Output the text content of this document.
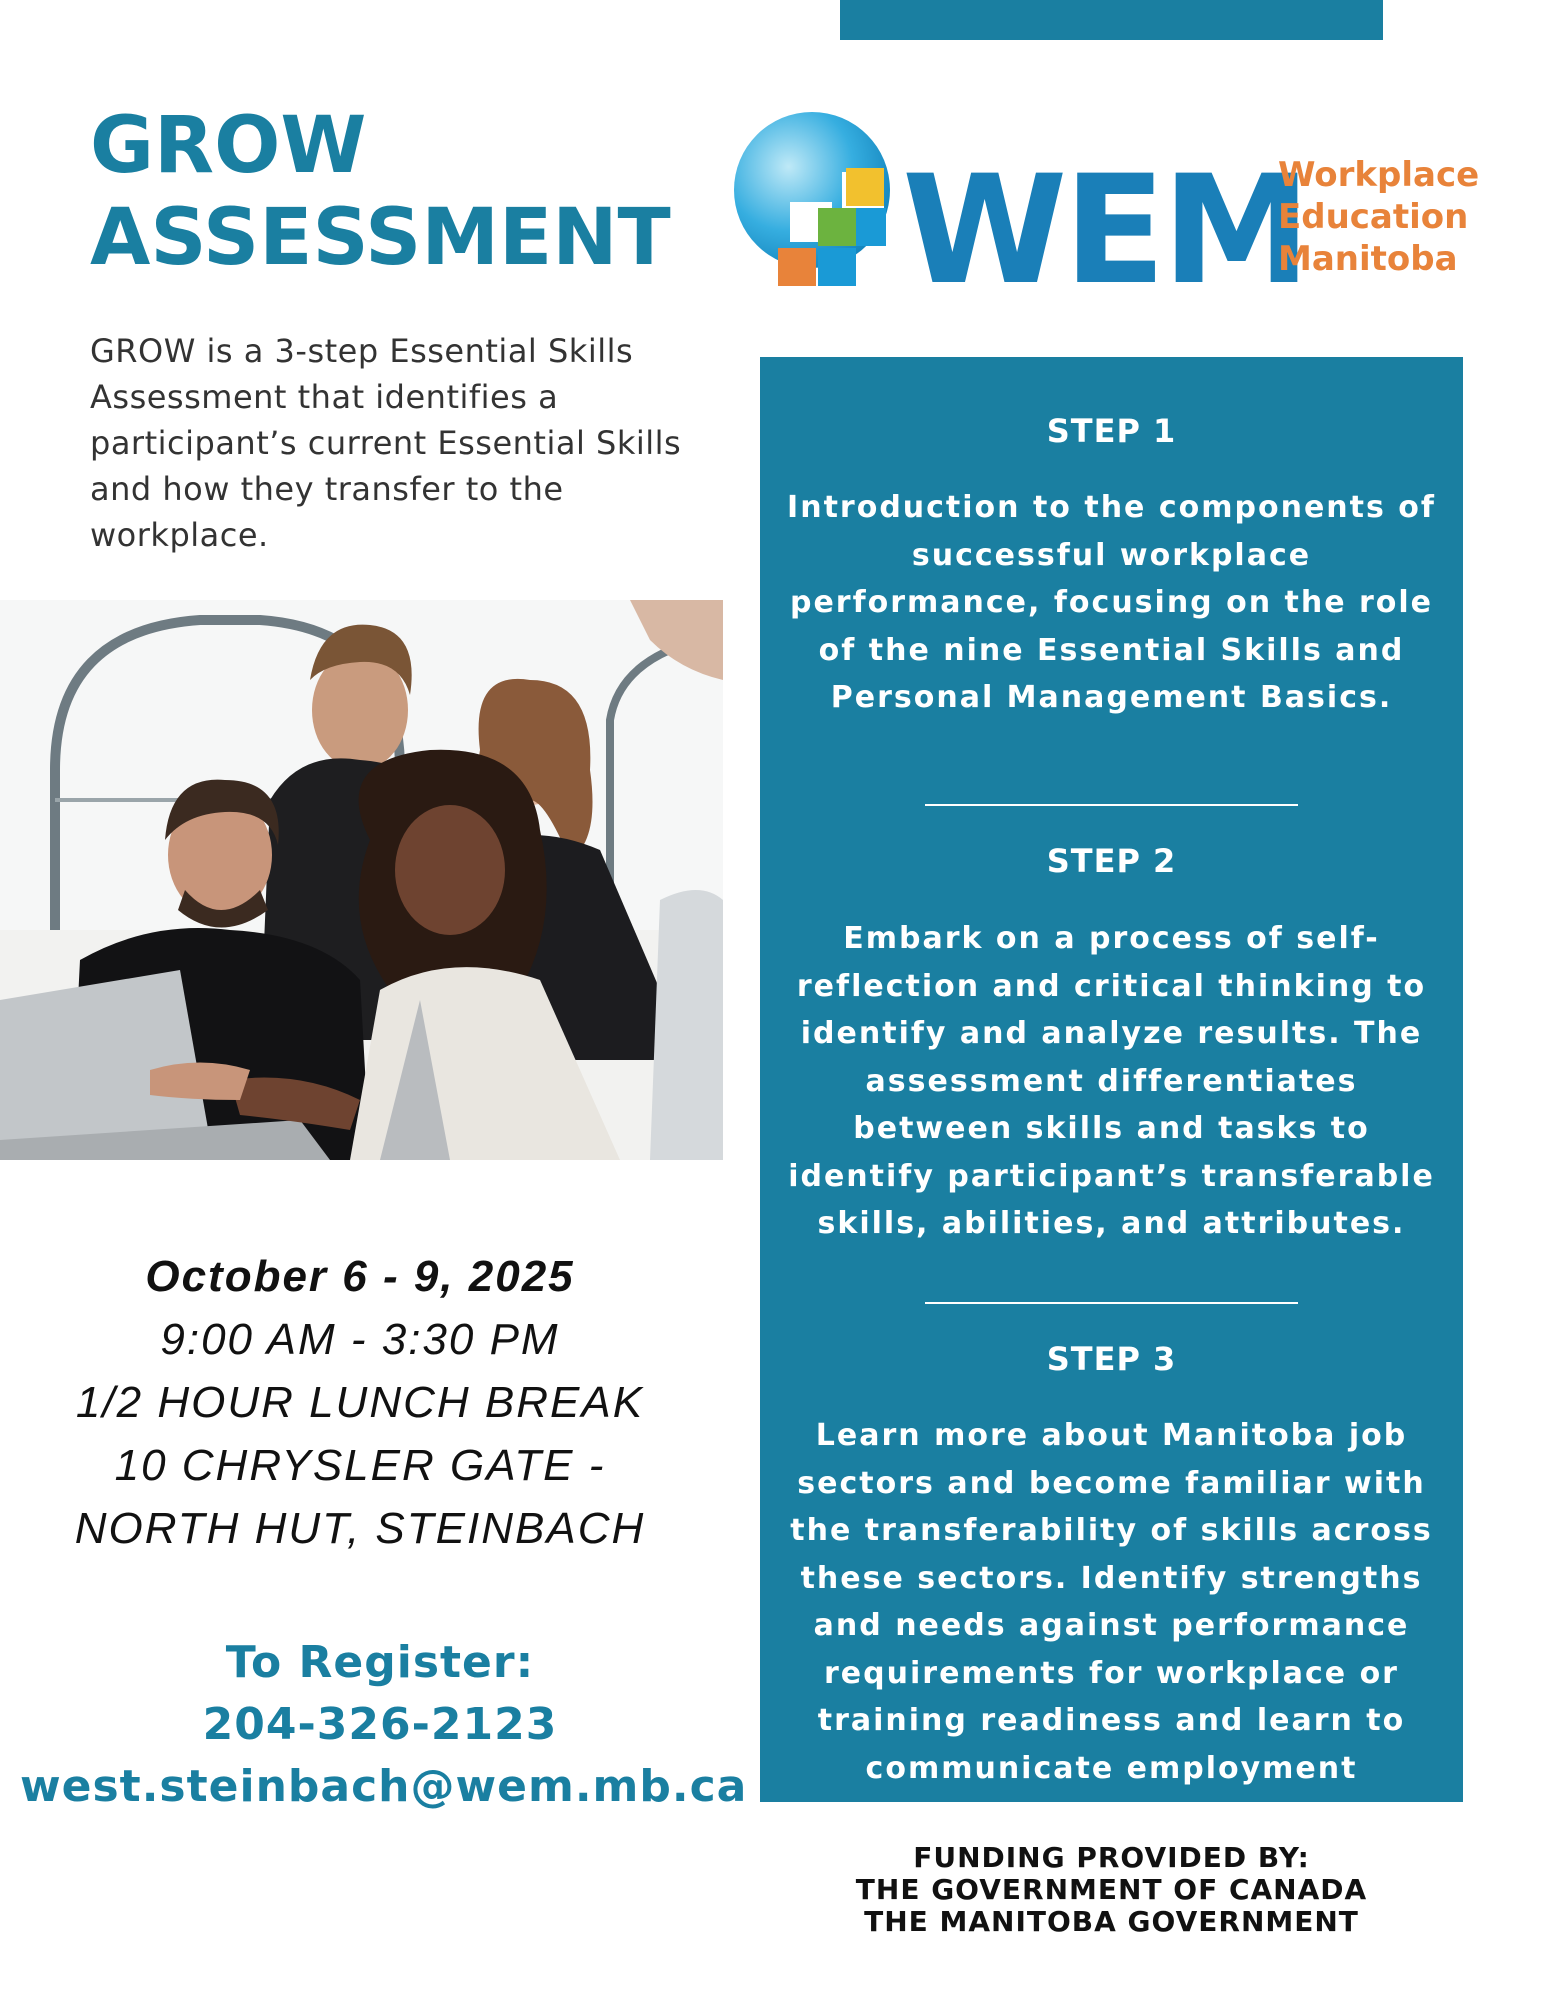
GROW
ASSESSMENT
GROW is a 3-step Essential Skills Assessment that identifies a participant’s current Essential Skills and how they transfer to the workplace.
WEM
Workplace
Education
Manitoba
October 6 - 9, 2025
9:00 AM - 3:30 PM
1/2 HOUR LUNCH BREAK
10 CHRYSLER GATE -
NORTH HUT, STEINBACH
To Register:
204-326-2123
west.steinbach@wem.mb.ca
STEP 1
Introduction to the components of successful workplace performance, focusing on the role of the nine Essential Skills and Personal Management Basics.
STEP 2
Embark on a process of self-reflection and critical thinking to identify and analyze results. The assessment differentiates between skills and tasks to identify participant’s transferable skills, abilities, and attributes.
STEP 3
Learn more about Manitoba job sectors and become familiar with the transferability of skills across these sectors. Identify strengths and needs against performance requirements for workplace or training readiness and learn to communicate employment readiness.
FUNDING PROVIDED BY:
THE GOVERNMENT OF CANADA
THE MANITOBA GOVERNMENT
